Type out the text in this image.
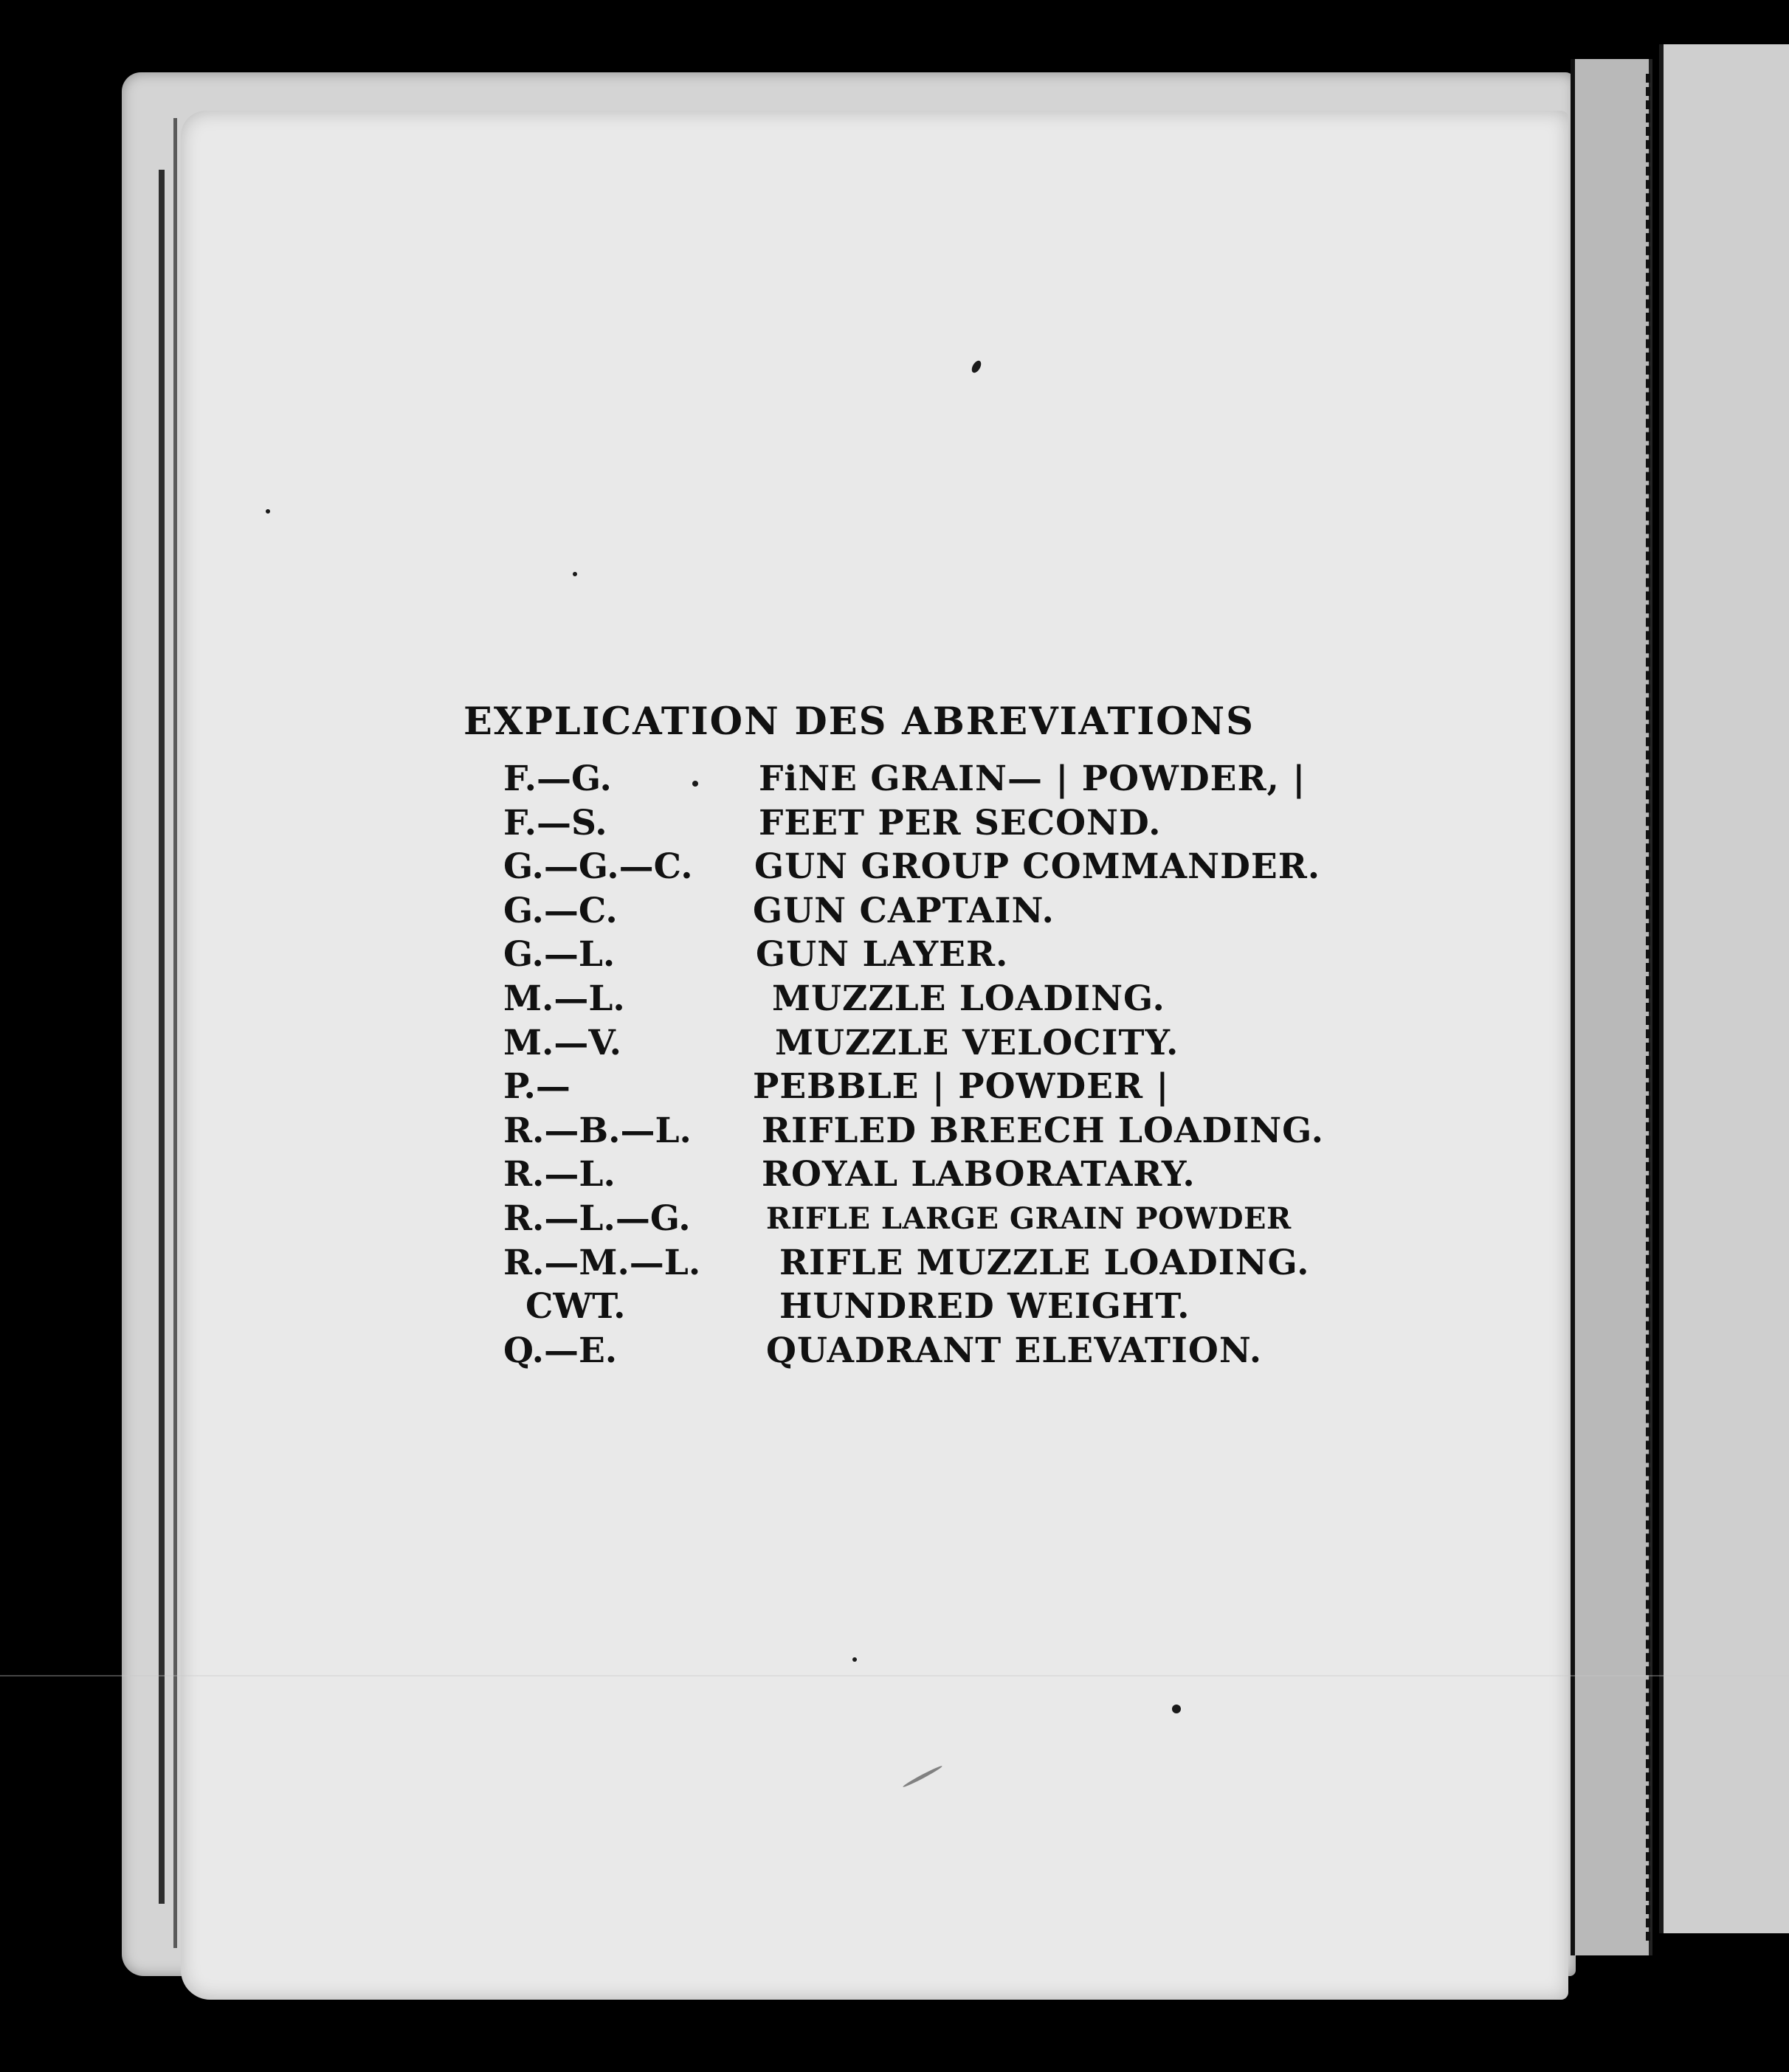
EXPLICATION DES ABREVIATIONS
F.—G.	FiNE GRAIN— | POWDER, |
F.—S.	FEET PER SECOND.
G.—G.—C. GUN GROUP COMMANDER.
G.—C.	GUN CAPTAIN.
G.—L.	GUN LAYER.
M.—L.	MUZZLE LOADING.
M.—V.	MUZZLE VELOCITY.
P.—	PEBBLE | POWDER |
R.—B.—L. RIFLED BREECH LOADING.
R.—L.	ROYAL LABORATARY.
R.—L.—G.	RIFLE LARGE GRAIN POWDER
R.—M.—L. RIFLE MUZZLE LOADING.
CWT.	HUNDRED WEIGHT.
Q.—E.	QUADRANT ELEVATION.
